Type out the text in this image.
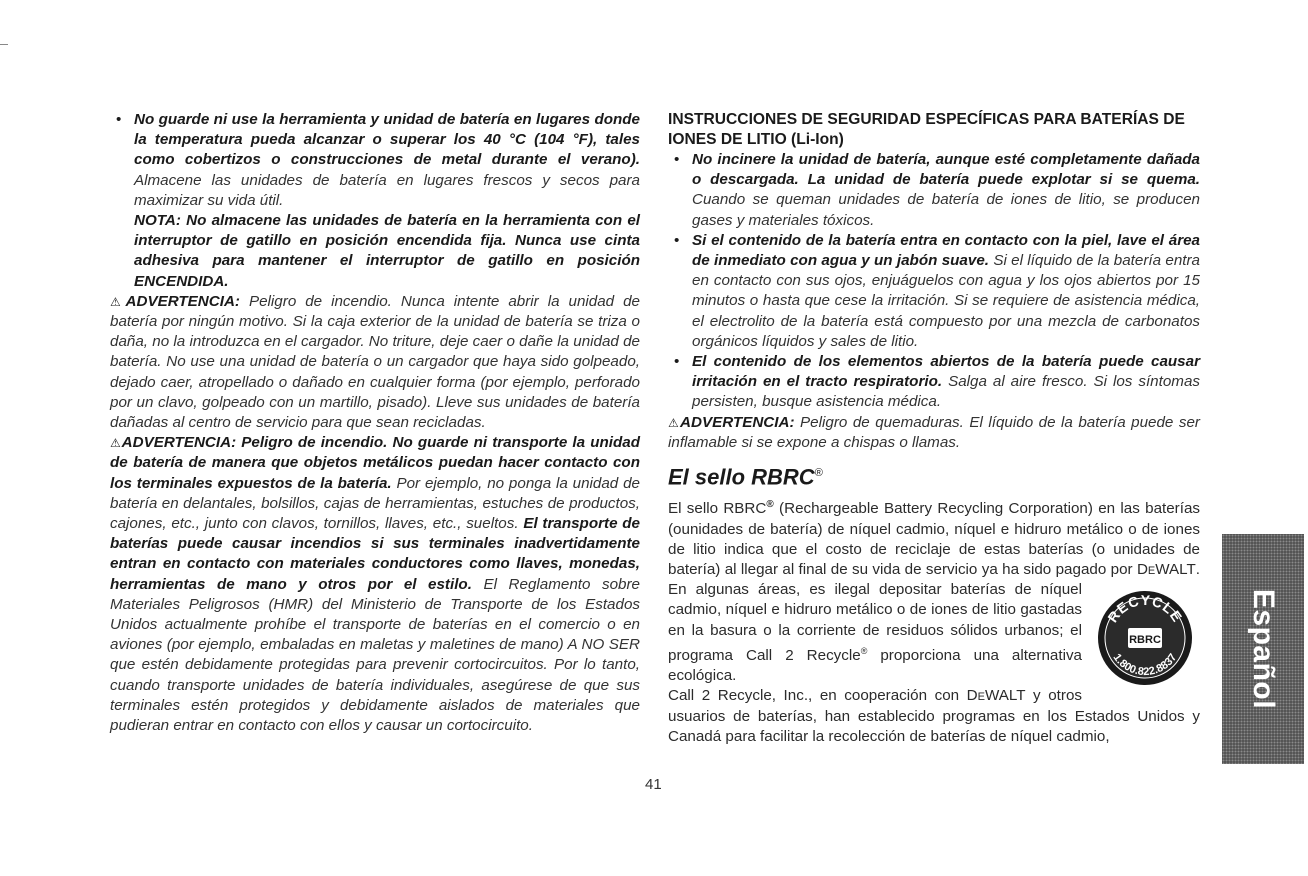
• No guarde ni use la herramienta y unidad de batería en lugares donde la temperatura pueda alcanzar o superar los 40 °C (104 °F), tales como cobertizos o construcciones de metal durante el verano). Almacene las unidades de batería en lugares frescos y secos para maximizar su vida útil.

NOTA: No almacene las unidades de batería en la herramienta con el interruptor de gatillo en posición encendida fija. Nunca use cinta adhesiva para mantener el interruptor de gatillo en posición ENCENDIDA.

⚠ADVERTENCIA: Peligro de incendio. Nunca intente abrir la unidad de batería por ningún motivo. Si la caja exterior de la unidad de batería se triza o daña, no la introduzca en el cargador. No triture, deje caer o dañe la unidad de batería. No use una unidad de batería o un cargador que haya sido golpeado, dejado caer, atropellado o dañado en cualquier forma (por ejemplo, perforado por un clavo, golpeado con un martillo, pisado). Lleve sus unidades de batería dañadas al centro de servicio para que sean recicladas.

⚠ADVERTENCIA: Peligro de incendio. No guarde ni transporte la unidad de batería de manera que objetos metálicos puedan hacer contacto con los terminales expuestos de la batería. Por ejemplo, no ponga la unidad de batería en delantales, bolsillos, cajas de herramientas, estuches de productos, cajones, etc., junto con clavos, tornillos, llaves, etc., sueltos. El transporte de baterías puede causar incendios si sus terminales inadvertidamente entran en contacto con materiales conductores como llaves, monedas, herramientas de mano y otros por el estilo. El Reglamento sobre Materiales Peligrosos (HMR) del Ministerio de Transporte de los Estados Unidos actualmente prohíbe el transporte de baterías en el comercio o en aviones (por ejemplo, embaladas en maletas y maletines de mano) A NO SER que estén debidamente protegidas para prevenir cortocircuitos. Por lo tanto, cuando transporte unidades de batería individuales, asegúrese de que sus terminales estén protegidos y debidamente aislados de materiales que pudieran entrar en contacto con ellos y causar un cortocircuito.

INSTRUCCIONES DE SEGURIDAD ESPECÍFICAS PARA BATERÍAS DE IONES DE LITIO (Li-Ion)

• No incinere la unidad de batería, aunque esté completamente dañada o descargada. La unidad de batería puede explotar si se quema. Cuando se queman unidades de batería de iones de litio, se producen gases y materiales tóxicos.

• Si el contenido de la batería entra en contacto con la piel, lave el área de inmediato con agua y un jabón suave. Si el líquido de la batería entra en contacto con sus ojos, enjuáguelos con agua y los ojos abiertos por 15 minutos o hasta que cese la irritación. Si se requiere de asistencia médica, el electrolito de la batería está compuesto por una mezcla de carbonatos orgánicos líquidos y sales de litio.

• El contenido de los elementos abiertos de la batería puede causar irritación en el tracto respiratorio. Salga al aire fresco. Si los síntomas persisten, busque asistencia médica.

⚠ADVERTENCIA: Peligro de quemaduras. El líquido de la batería puede ser inflamable si se expone a chispas o llamas.

El sello RBRC®

El sello RBRC® (Rechargeable Battery Recycling Corporation) en las baterías (ounidades de batería) de níquel cadmio, níquel e hidruro metálico o de iones de litio indica que el costo de reciclaje de estas baterías (o unidades de batería) al llegar al final de su vida de servicio ya ha sido pagado por
RECYCLE
RBRC
1.800.822.8837
DeWALT. En algunas áreas, es ilegal depositar baterías de níquel cadmio, níquel e hidruro metálico o de iones de litio gastadas en la basura o la corriente de residuos sólidos urbanos; el programa Call 2 Recycle® proporciona una alternativa ecológica.

Call 2 Recycle, Inc., en cooperación con DeWALT y otros usuarios de baterías, han establecido programas en los Estados Unidos y Canadá para facilitar la recolección de baterías de níquel cadmio,

41
Español
